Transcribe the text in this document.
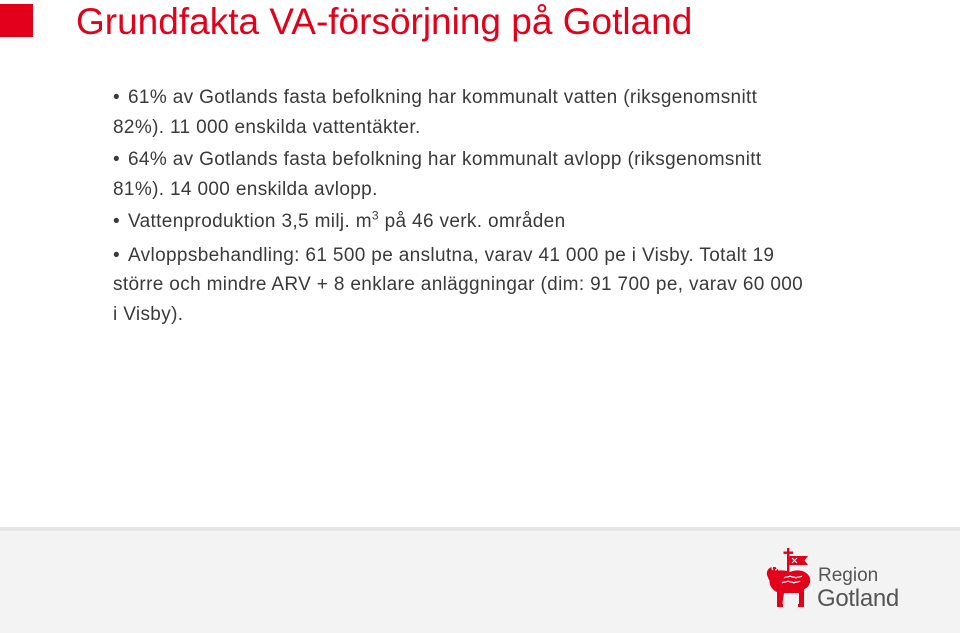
Grundfakta VA-försörjning på Gotland
• 61% av Gotlands fasta befolkning har kommunalt vatten (riksgenomsnitt 82%). 11 000 enskilda vattentäkter.
• 64% av Gotlands fasta befolkning har kommunalt avlopp (riksgenomsnitt 81%). 14 000 enskilda avlopp.
• Vattenproduktion 3,5 milj. $m^3$ på 46 verk. områden
• Avloppsbehandling: 61 500 pe anslutna, varav 41 000 pe i Visby. Totalt 19 större och mindre ARV + 8 enklare anläggningar (dim: 91 700 pe, varav 60 000 i Visby).
Region
Gotland
